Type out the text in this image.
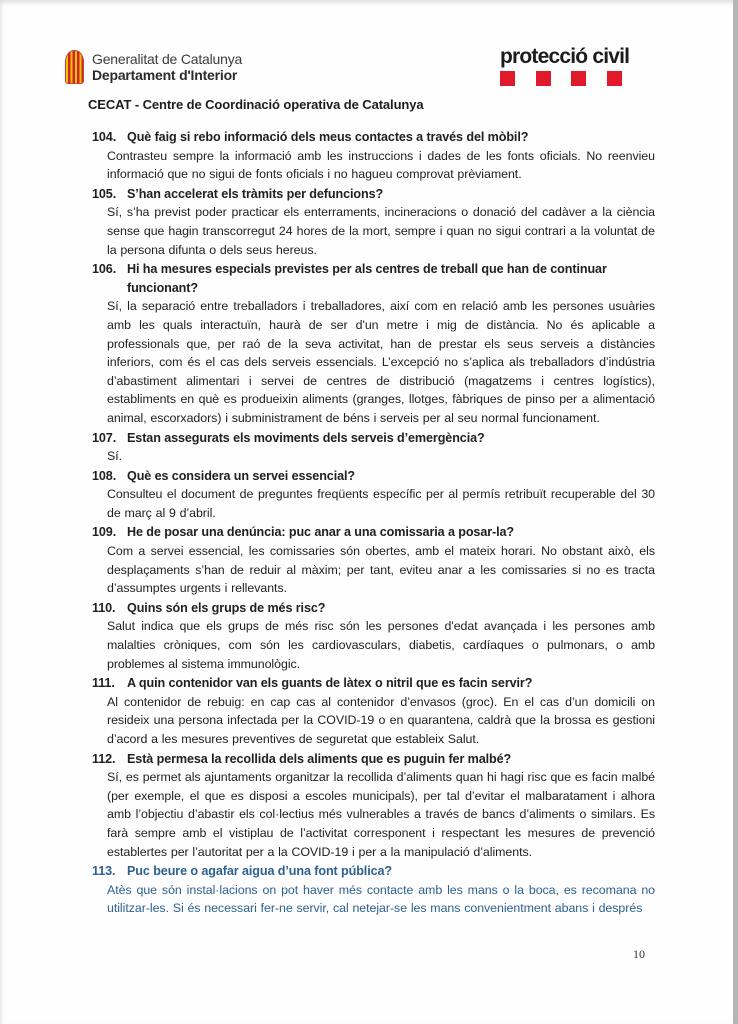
Generalitat de Catalunya
Departament d'Interior
protecció civil
CECAT - Centre de Coordinació operativa de Catalunya
104. Què faig si rebo informació dels meus contactes a través del mòbil?
Contrasteu sempre la informació amb les instruccions i dades de les fonts oficials. No reenvieu informació que no sigui de fonts oficials i no hagueu comprovat prèviament.
105. S’han accelerat els tràmits per defuncions?
Sí, s’ha previst poder practicar els enterraments, incineracions o donació del cadàver a la ciència sense que hagin transcorregut 24 hores de la mort, sempre i quan no sigui contrari a la voluntat de la persona difunta o dels seus hereus.
106. Hi ha mesures especials previstes per als centres de treball que han de continuar funcionant?
Sí, la separació entre treballadors i treballadores, així com en relació amb les persones usuàries amb les quals interactuïn, haurà de ser d'un metre i mig de distància. No és aplicable a professionals que, per raó de la seva activitat, han de prestar els seus serveis a distàncies inferiors, com és el cas dels serveis essencials. L’excepció no s’aplica als treballadors d’indústria d’abastiment alimentari i servei de centres de distribució (magatzems i centres logístics), establiments en què es produeixin aliments (granges, llotges, fàbriques de pinso per a alimentació animal, escorxadors) i subministrament de béns i serveis per al seu normal funcionament.
107. Estan assegurats els moviments dels serveis d’emergència?
Sí.
108. Què es considera un servei essencial?
Consulteu el document de preguntes freqüents específic per al permís retribuït recuperable del 30 de març al 9 d’abril.
109. He de posar una denúncia: puc anar a una comissaria a posar-la?
Com a servei essencial, les comissaries són obertes, amb el mateix horari. No obstant això, els desplaçaments s’han de reduir al màxim; per tant, eviteu anar a les comissaries si no es tracta d’assumptes urgents i rellevants.
110. Quins són els grups de més risc?
Salut indica que els grups de més risc són les persones d'edat avançada i les persones amb malalties cròniques, com són les cardiovasculars, diabetis, cardíaques o pulmonars, o amb problemes al sistema immunològic.
111. A quin contenidor van els guants de làtex o nitril que es facin servir?
Al contenidor de rebuig: en cap cas al contenidor d’envasos (groc). En el cas d’un domicili on resideix una persona infectada per la COVID-19 o en quarantena, caldrà que la brossa es gestioni d’acord a les mesures preventives de seguretat que estableix Salut.
112. Està permesa la recollida dels aliments que es puguin fer malbé?
Sí, es permet als ajuntaments organitzar la recollida d’aliments quan hi hagi risc que es facin malbé (per exemple, el que es disposi a escoles municipals), per tal d’evitar el malbaratament i alhora amb l’objectiu d’abastir els col·lectius més vulnerables a través de bancs d’aliments o similars. Es farà sempre amb el vistiplau de l’activitat corresponent i respectant les mesures de prevenció establertes per l’autoritat per a la COVID-19 i per a la manipulació d’aliments.
113. Puc beure o agafar aigua d’una font pública?
Atès que són instal·lacions on pot haver més contacte amb les mans o la boca, es recomana no utilitzar-les. Si és necessari fer-ne servir, cal netejar-se les mans convenientment abans i després
10
